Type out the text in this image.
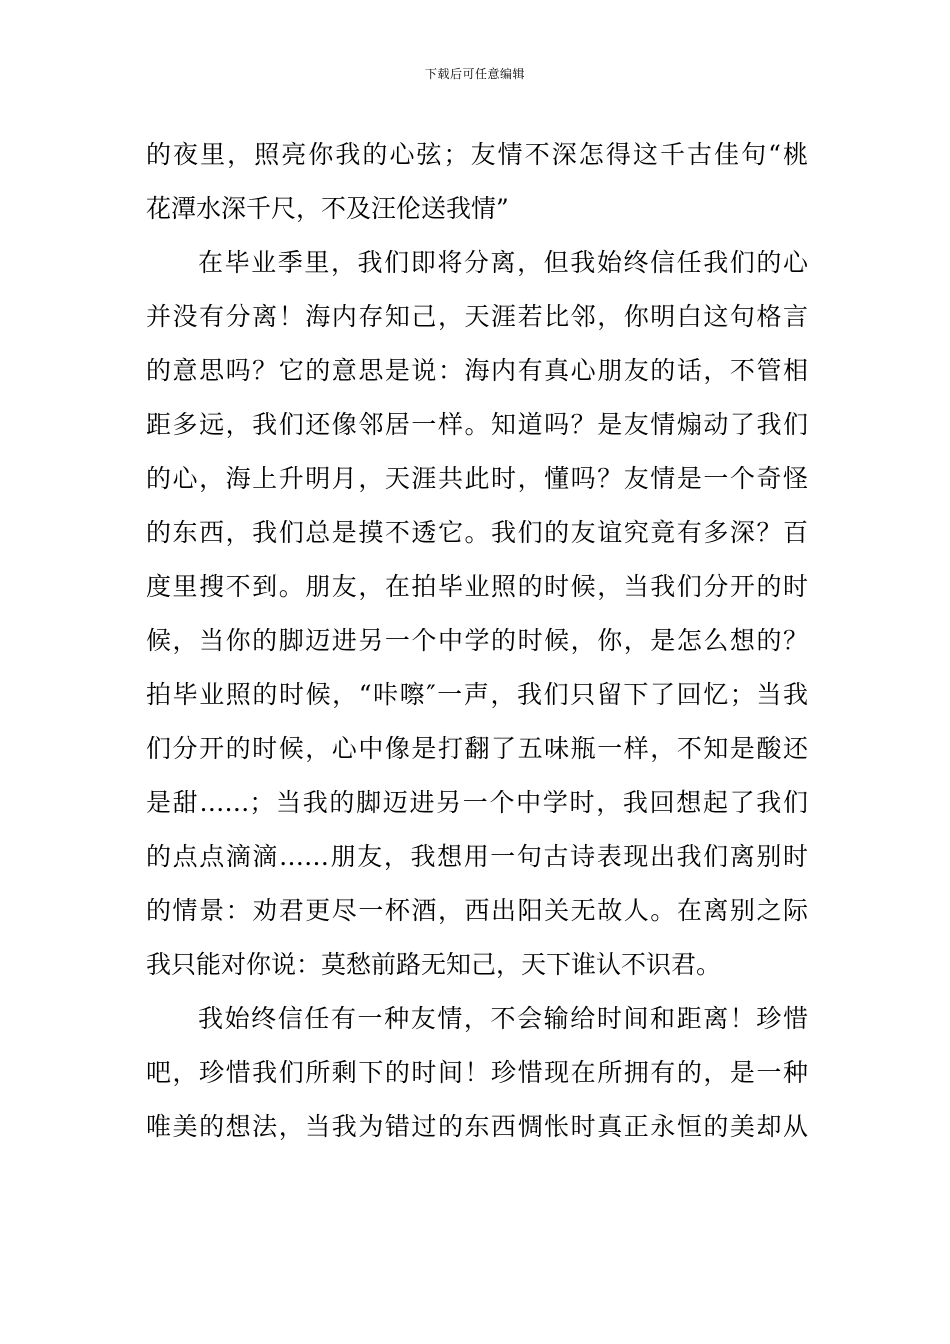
下载后可任意编辑
的夜里，照亮你我的心弦；友情不深怎得这千古佳句“桃
花潭水深千尺，不及汪伦送我情”
在毕业季里，我们即将分离，但我始终信任我们的心
并没有分离！海内存知己，天涯若比邻，你明白这句格言
的意思吗？它的意思是说：海内有真心朋友的话，不管相
距多远，我们还像邻居一样。知道吗？是友情煽动了我们
的心，海上升明月，天涯共此时，懂吗？友情是一个奇怪
的东西，我们总是摸不透它。我们的友谊究竟有多深？百
度里搜不到。朋友，在拍毕业照的时候，当我们分开的时
候，当你的脚迈进另一个中学的时候，你，是怎么想的？
拍毕业照的时候，“咔嚓″一声，我们只留下了回忆；当我
们分开的时候，心中像是打翻了五味瓶一样，不知是酸还
是甜……；当我的脚迈进另一个中学时，我回想起了我们
的点点滴滴……朋友，我想用一句古诗表现出我们离别时
的情景：劝君更尽一杯酒，西出阳关无故人。在离别之际
我只能对你说：莫愁前路无知己，天下谁认不识君。
我始终信任有一种友情，不会输给时间和距离！珍惜
吧，珍惜我们所剩下的时间！珍惜现在所拥有的，是一种
唯美的想法，当我为错过的东西惆怅时真正永恒的美却从
